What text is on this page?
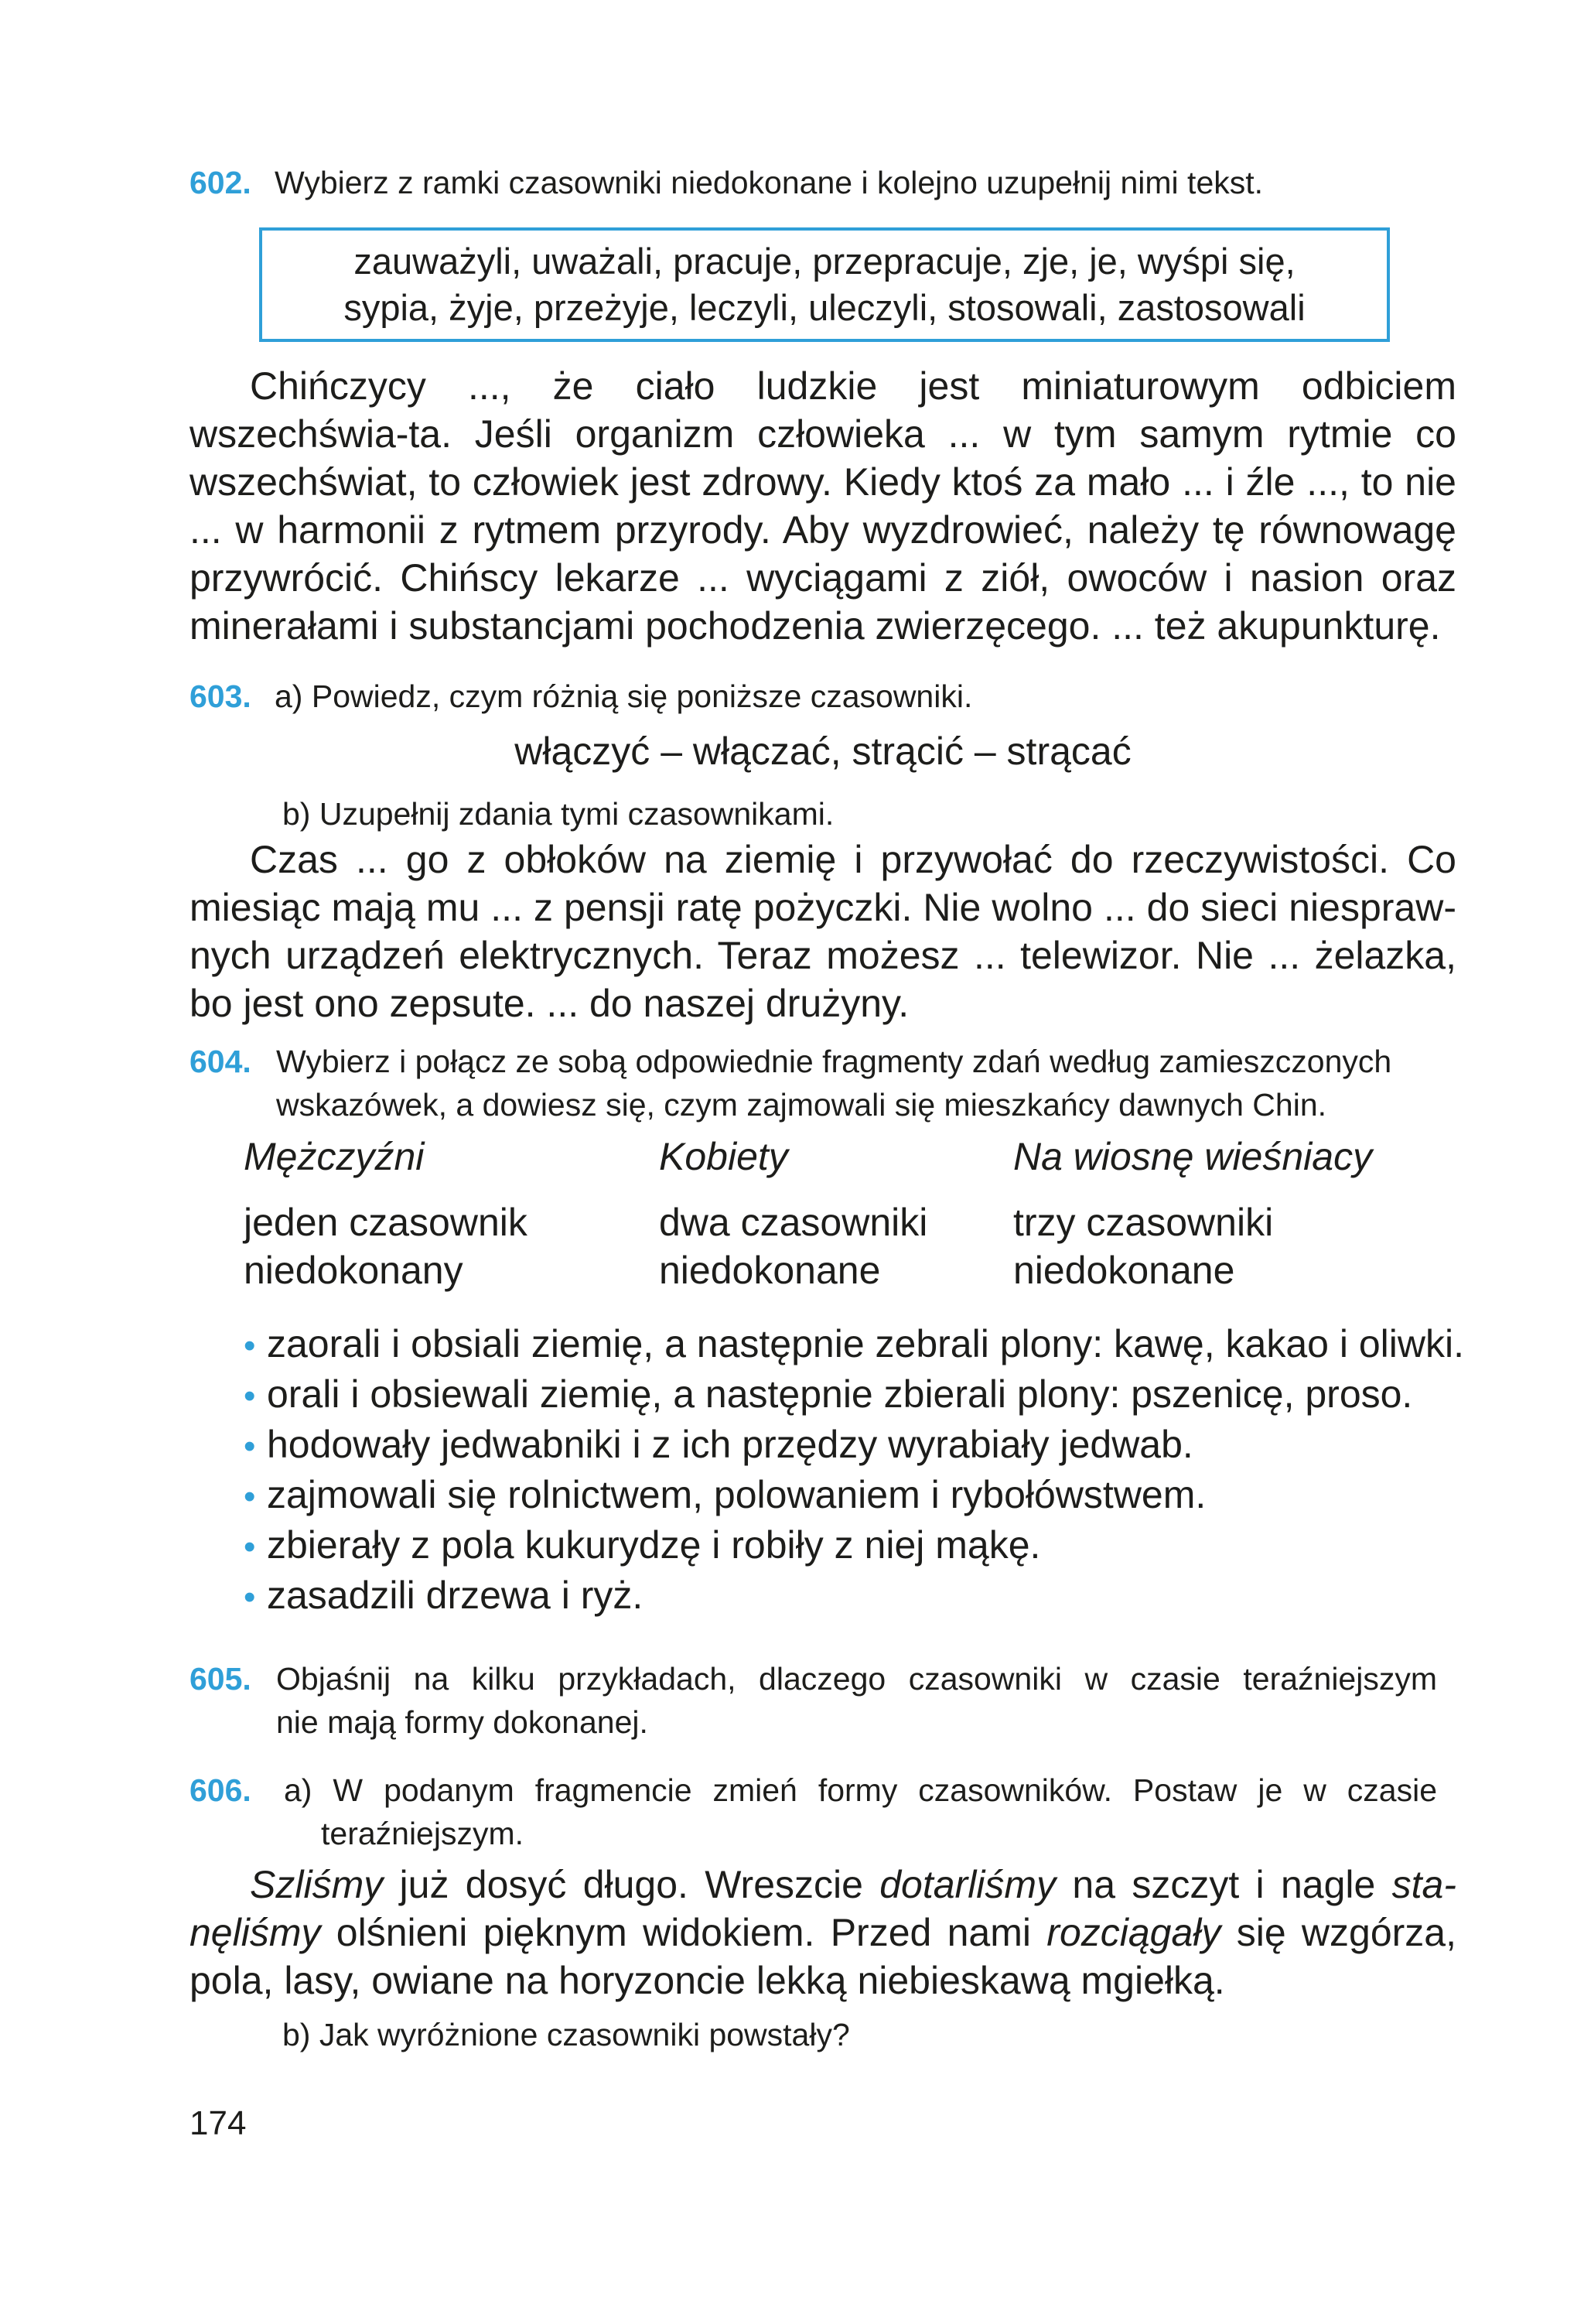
602. Wybierz z ramki czasowniki niedokonane i kolejno uzupełnij nimi tekst.
zauważyli, uważali, pracuje, przepracuje, zje, je, wyśpi się,
sypia, żyje, przeżyje, leczyli, uleczyli, stosowali, zastosowali
Chińczycy ..., że ciało ludzkie jest miniaturowym odbiciem wszechświa-ta. Jeśli organizm człowieka ... w tym samym rytmie co wszechświat, to człowiek jest zdrowy. Kiedy ktoś za mało ... i źle ..., to nie ... w harmonii z rytmem przyrody. Aby wyzdrowieć, należy tę równowagę przywrócić. Chińscy lekarze ... wyciągami z ziół, owoców i nasion oraz minerałami i substancjami pochodzenia zwierzęcego. ... też akupunkturę.
603. a) Powiedz, czym różnią się poniższe czasowniki.
włączyć – włączać, strącić – strącać
b) Uzupełnij zdania tymi czasownikami.
Czas ... go z obłoków na ziemię i przywołać do rzeczywistości. Co miesiąc mają mu ... z pensji ratę pożyczki. Nie wolno ... do sieci niespraw-nych urządzeń elektrycznych. Teraz możesz ... telewizor. Nie ... żelazka, bo jest ono zepsute. ... do naszej drużyny.
604. Wybierz i połącz ze sobą odpowiednie fragmenty zdań według zamieszczonych
wskazówek, a dowiesz się, czym zajmowali się mieszkańcy dawnych Chin.
Mężczyźni
jeden czasownik
niedokonany
Kobiety
dwa czasowniki
niedokonane
Na wiosnę wieśniacy
trzy czasowniki
niedokonane
• zaorali i obsiali ziemię, a następnie zebrali plony: kawę, kakao i oliwki.
• orali i obsiewali ziemię, a następnie zbierali plony: pszenicę, proso.
• hodowały jedwabniki i z ich przędzy wyrabiały jedwab.
• zajmowali się rolnictwem, polowaniem i rybołówstwem.
• zbierały z pola kukurydzę i robiły z niej mąkę.
• zasadzili drzewa i ryż.
605. Objaśnij na kilku przykładach, dlaczego czasowniki w czasie teraźniejszym
nie mają formy dokonanej.
606.	a) W podanym fragmencie zmień formy czasowników. Postaw je w czasie
teraźniejszym.
Szliśmy już dosyć długo. Wreszcie dotarliśmy na szczyt i nagle sta-nęliśmy olśnieni pięknym widokiem. Przed nami rozciągały się wzgórza, pola, lasy, owiane na horyzoncie lekką niebieskawą mgiełką.
b) Jak wyróżnione czasowniki powstały?
174
